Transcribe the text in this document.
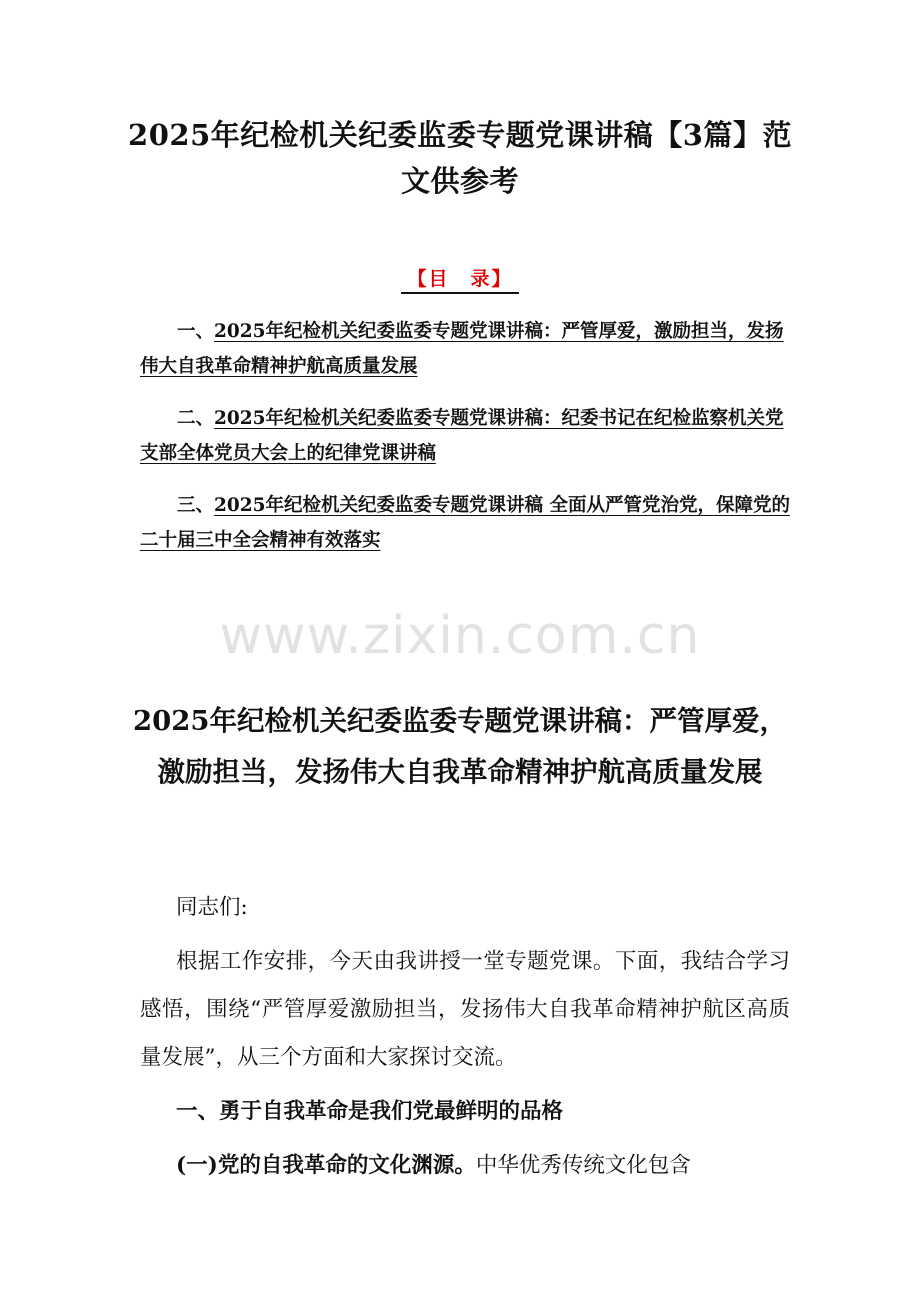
2025年纪检机关纪委监委专题党课讲稿【3篇】范文供参考
【目　录】
一、2025年纪检机关纪委监委专题党课讲稿：严管厚爱，激励担当，发扬伟大自我革命精神护航高质量发展
二、2025年纪检机关纪委监委专题党课讲稿：纪委书记在纪检监察机关党支部全体党员大会上的纪律党课讲稿
三、2025年纪检机关纪委监委专题党课讲稿 全面从严管党治党，保障党的二十届三中全会精神有效落实
www.zixin.com.cn
2025年纪检机关纪委监委专题党课讲稿：严管厚爱，激励担当，发扬伟大自我革命精神护航高质量发展

同志们:

根据工作安排，今天由我讲授一堂专题党课。下面，我结合学习感悟，围绕“严管厚爱激励担当，发扬伟大自我革命精神护航区高质量发展”，从三个方面和大家探讨交流。

一、勇于自我革命是我们党最鲜明的品格

(一)党的自我革命的文化渊源。中华优秀传统文化包含
